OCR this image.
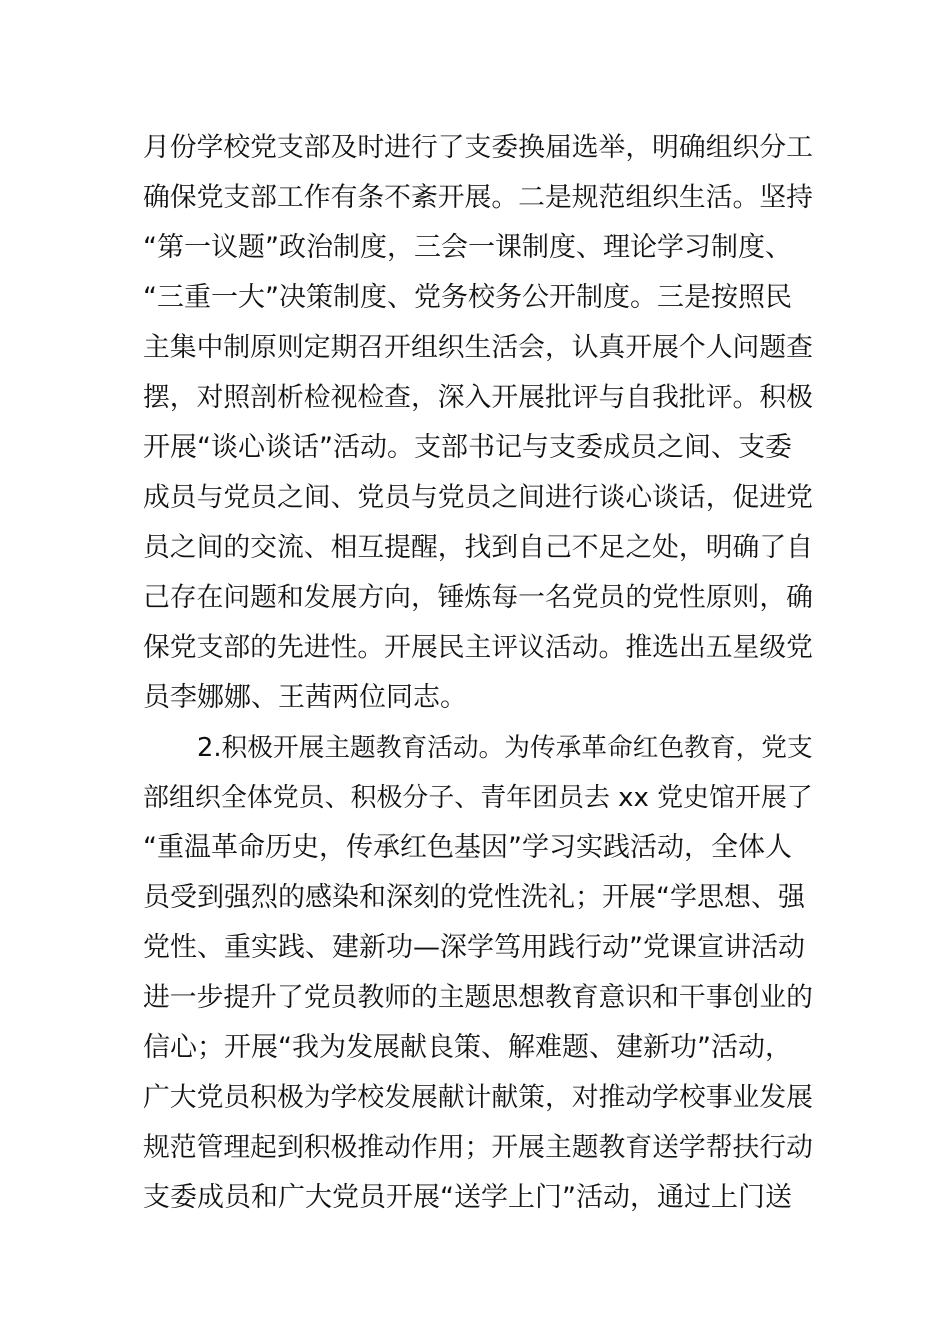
月份学校党支部及时进行了支委换届选举，明确组织分工
确保党支部工作有条不紊开展。二是规范组织生活。坚持
“第一议题”政治制度，三会一课制度、理论学习制度、
“三重一大”决策制度、党务校务公开制度。三是按照民
主集中制原则定期召开组织生活会，认真开展个人问题查
摆，对照剖析检视检查，深入开展批评与自我批评。积极
开展“谈心谈话”活动。支部书记与支委成员之间、支委
成员与党员之间、党员与党员之间进行谈心谈话，促进党
员之间的交流、相互提醒，找到自己不足之处，明确了自
己存在问题和发展方向，锤炼每一名党员的党性原则，确
保党支部的先进性。开展民主评议活动。推选出五星级党
员李娜娜、王茜两位同志。
2.积极开展主题教育活动。为传承革命红色教育，党支
部组织全体党员、积极分子、青年团员去 xx 党史馆开展了
“重温革命历史，传承红色基因”学习实践活动，全体人
员受到强烈的感染和深刻的党性洗礼；开展“学思想、强
党性、重实践、建新功—深学笃用践行动”党课宣讲活动
进一步提升了党员教师的主题思想教育意识和干事创业的
信心；开展“我为发展献良策、解难题、建新功”活动，
广大党员积极为学校发展献计献策，对推动学校事业发展
规范管理起到积极推动作用；开展主题教育送学帮扶行动
支委成员和广大党员开展“送学上门”活动，通过上门送
